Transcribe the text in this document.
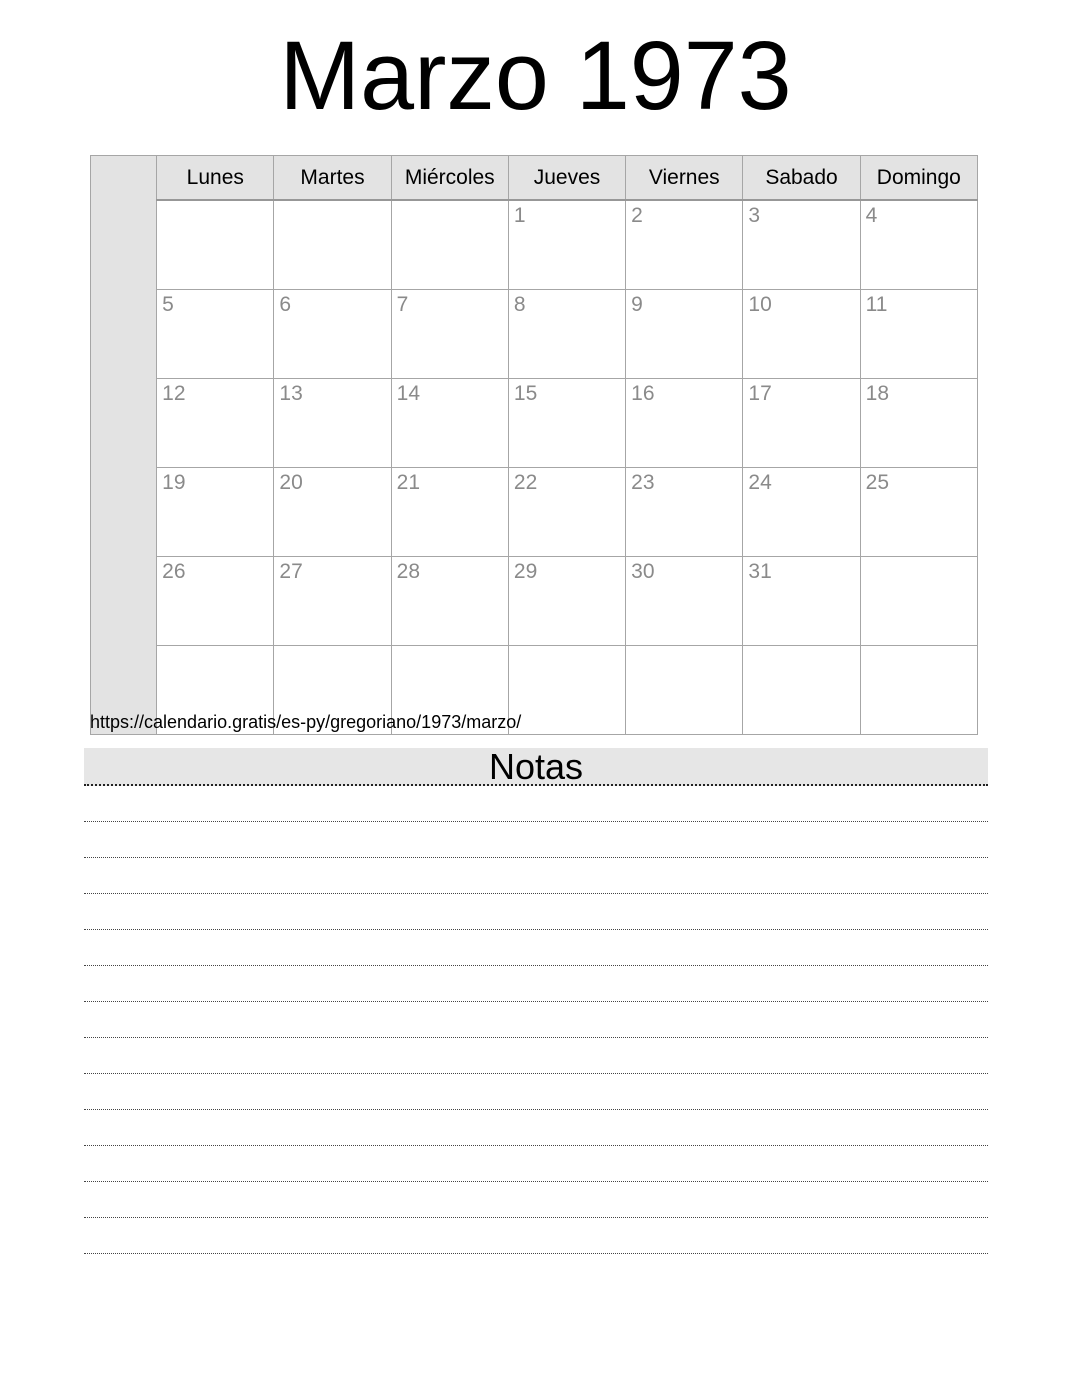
Marzo 1973
	Lunes	Martes	Miércoles	Jueves	Viernes	Sabado	Domingo
				1	2	3	4
	5	6	7	8	9	10	11
	12	13	14	15	16	17	18
	19	20	21	22	23	24	25
	26	27	28	29	30	31	

https://calendario.gratis/es-py/gregoriano/1973/marzo/
Notas
